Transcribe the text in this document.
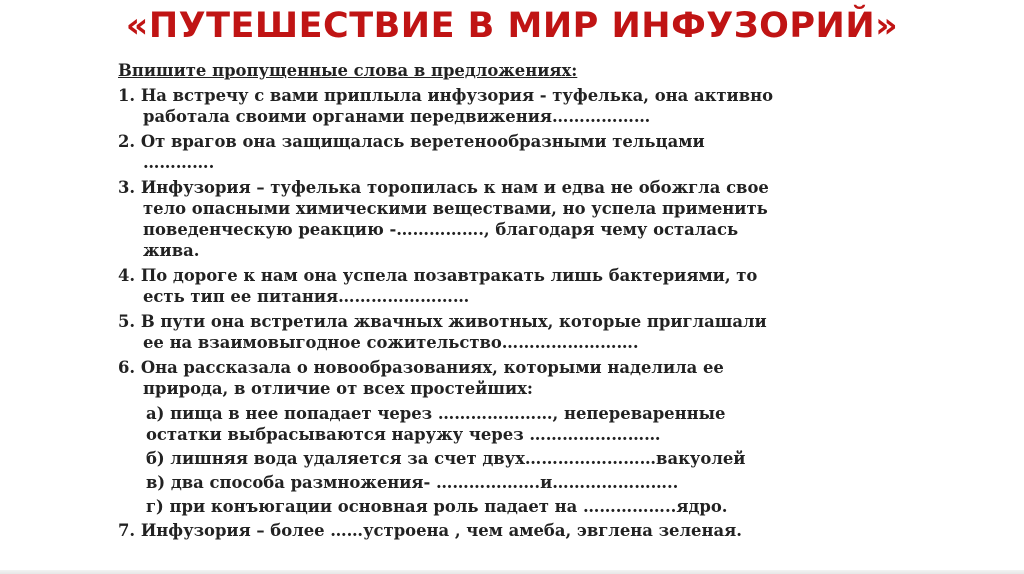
«ПУТЕШЕСТВИЕ В МИР ИНФУЗОРИЙ»
Впишите пропущенные слова в предложениях:
1. На встречу с вами приплыла инфузория - туфелька, она активно
работала своими органами передвижения………………
2. От врагов она защищалась веретенообразными тельцами
………….
3. Инфузория – туфелька торопилась к нам и едва не обожгла свое
тело опасными химическими веществами, но успела применить
поведенческую реакцию -……………., благодаря чему осталась
жива.
4. По дороге к нам она успела позавтракать лишь бактериями, то
есть тип ее питания……………………
5. В пути она встретила жвачных животных, которые приглашали
ее на взаимовыгодное сожительство…………………….
6. Она рассказала о новообразованиях, которыми наделила ее
природа, в отличие от всех простейших:
а) пища в нее попадает через …………………, непереваренные
остатки выбрасываются наружу через ……………………
б) лишняя вода удаляется за счет двух……………………вакуолей
в) два способа размножения- ……………….и…………………..
г) при конъюгации основная роль падает на ……………..ядро.
7. Инфузория – более ……устроена , чем амеба, эвглена зеленая.
